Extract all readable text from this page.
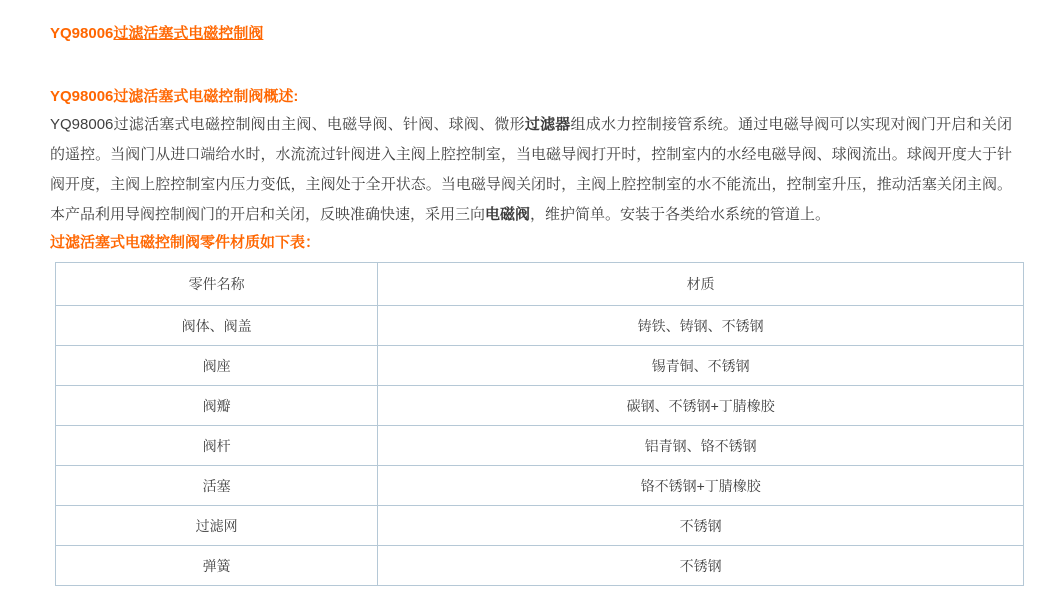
YQ98006过滤活塞式电磁控制阀
YQ98006过滤活塞式电磁控制阀概述:

YQ98006过滤活塞式电磁控制阀由主阀、电磁导阀、针阀、球阀、微形过滤器组成水力控制接管系统。通过电磁导阀可以实现对阀门开启和关闭的遥控。当阀门从进口端给水时，水流流过针阀进入主阀上腔控制室，当电磁导阀打开时，控制室内的水经电磁导阀、球阀流出。球阀开度大于针阀开度，主阀上腔控制室内压力变低，主阀处于全开状态。当电磁导阀关闭时，主阀上腔控制室的水不能流出，控制室升压，推动活塞关闭主阀。本产品利用导阀控制阀门的开启和关闭，反映准确快速，采用三向电磁阀，维护简单。安装于各类给水系统的管道上。

过滤活塞式电磁控制阀零件材质如下表：
零件名称	材质
阀体、阀盖	铸铁、铸钢、不锈钢
阀座	锡青铜、不锈钢
阀瓣	碳钢、不锈钢+丁腈橡胶
阀杆	铝青钢、铬不锈钢
活塞	铬不锈钢+丁腈橡胶
过滤网	不锈钢
弹簧	不锈钢
